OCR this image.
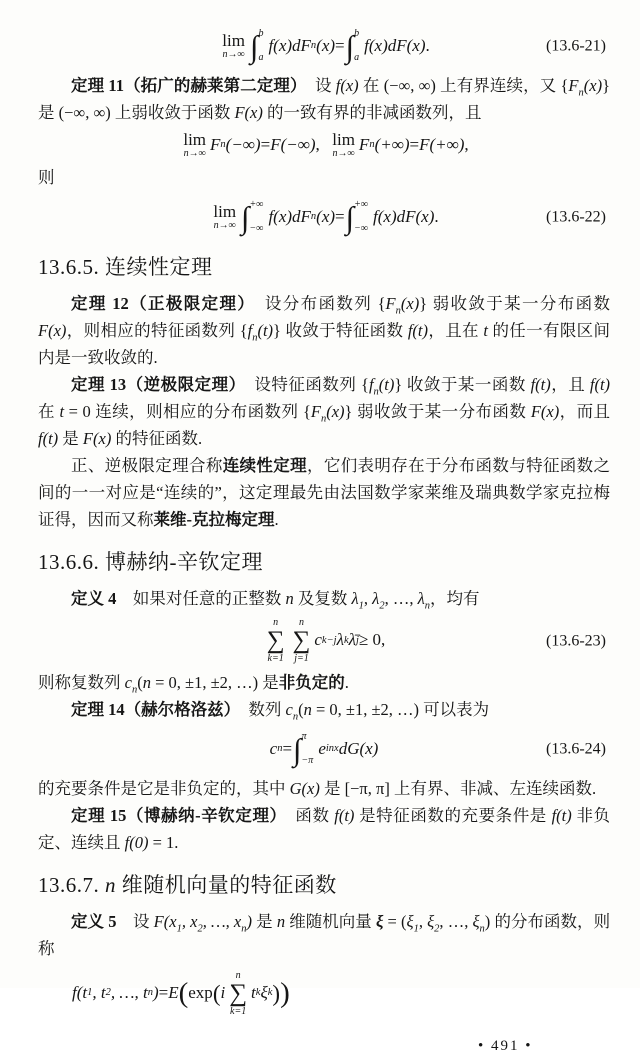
lim
n→∞ ∫ b
a
f(x)dF n (x) = ∫ b
a
f(x)dF(x) .	(13.6-21)

定理 11（拓广的赫莱第二定理）　设 f(x) 在 (−∞, ∞) 上有界连续，又 $\{F_n(x)\}$ 是 (−∞, ∞) 上弱收敛于函数 F(x) 的一致有界的非减函数列，且

lim
n→∞ F n (−∞) = F(−∞) ,  lim
n→∞ F n (+∞) = F(+∞) ,

则

lim
n→∞ ∫ +∞
−∞
f(x)dF n (x) = ∫ +∞
−∞
f(x)dF(x) .	(13.6-22)
13.6.5. 连续性定理

定理 12（正极限定理）　设分布函数列 $\{F_n(x)\}$ 弱收敛于某一分布函数 F(x)，则相应的特征函数列 $\{f_n(t)\}$ 收敛于特征函数 f(t)，且在 t 的任一有限区间内是一致收敛的.

定理 13（逆极限定理）　设特征函数列 $\{f_n(t)\}$ 收敛于某一函数 f(t)，且 f(t) 在 t = 0 连续，则相应的分布函数列 $\{F_n(x)\}$ 弱收敛于某一分布函数 F(x)，而且 f(t) 是 F(x) 的特征函数.

正、逆极限定理合称连续性定理，它们表明存在于分布函数与特征函数之间的一一对应是“连续的”，这定理最先由法国数学家莱维及瑞典数学家克拉梅证得，因而又称莱维-克拉梅定理.

13.6.6. 博赫纳-辛钦定理

定义 4　如果对任意的正整数 n 及复数 $\lambda_1$, $\lambda_2$, …, $\lambda_n$，均有

n
∑
k=1
n
∑
j=1
c k−j λ k λ̄ j ≥ 0,	(13.6-23)

则称复数列 $c_n(n = 0$, ±1, ±2, …) 是非负定的.

定理 14（赫尔格洛兹）　数列 $c_n(n = 0$, ±1, ±2, …) 可以表为

c n = ∫ π
−π
e inx dG(x)	(13.6-24)

的充要条件是它是非负定的，其中 G(x) 是 [−π, π] 上有界、非减、左连续函数.

定理 15（博赫纳-辛钦定理）　函数 f(t) 是特征函数的充要条件是 f(t) 非负定、连续且 f(0) = 1.

13.6.7. n 维随机向量的特征函数

定义 5　设 $F(x_1$, $x_2$, …, $x_n$) 是 n 维随机向量 $\xi = (\xi_1$, $\xi_2$, …, $\xi_n$) 的分布函数，则称

f(t 1 , t 2 , …, t n ) = E ( exp ( i
n
∑
k=1
t k ξ k ) )
• 491 •
